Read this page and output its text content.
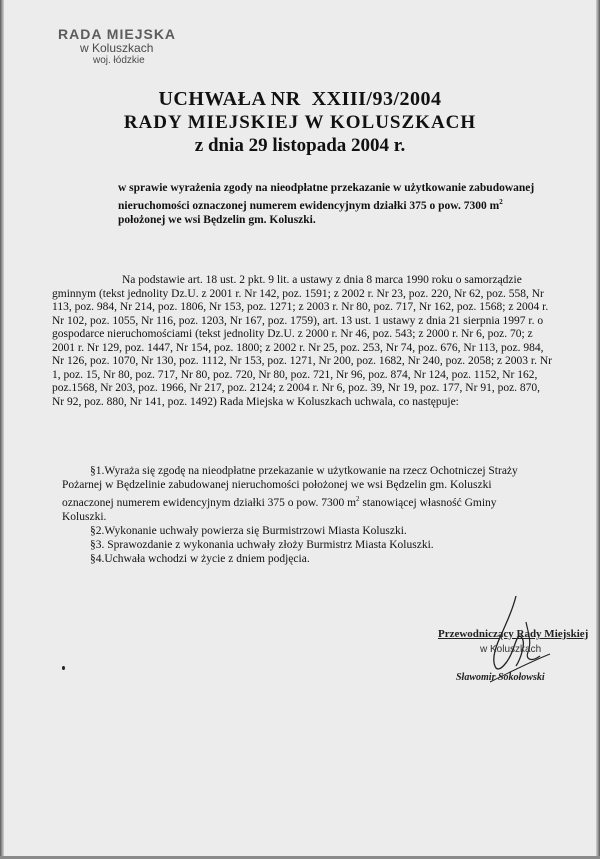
RADA MIEJSKA
w Koluszkach
woj. łódzkie
UCHWAŁA NR  XXIII/93/2004
RADY MIEJSKIEJ W KOLUSZKACH
z dnia 29 listopada 2004 r.
w sprawie wyrażenia zgody na nieodpłatne przekazanie w użytkowanie zabudowanej nieruchomości oznaczonej numerem ewidencyjnym działki 375 o pow. 7300 $m^2$ położonej we wsi Będzelin gm. Koluszki.

Na podstawie art. 18 ust. 2 pkt. 9 lit. a ustawy z dnia 8 marca 1990 roku o samorządzie gminnym (tekst jednolity Dz.U. z 2001 r. Nr 142, poz. 1591; z 2002 r. Nr 23, poz. 220, Nr 62, poz. 558, Nr 113, poz. 984, Nr 214, poz. 1806, Nr 153, poz. 1271; z 2003 r. Nr 80, poz. 717, Nr 162, poz. 1568; z 2004 r. Nr 102, poz. 1055, Nr 116, poz. 1203, Nr 167, poz. 1759), art. 13 ust. 1 ustawy z dnia 21 sierpnia 1997 r. o gospodarce nieruchomościami (tekst jednolity Dz.U. z 2000 r. Nr 46, poz. 543; z 2000 r. Nr 6, poz. 70; z 2001 r. Nr 129, poz. 1447, Nr 154, poz. 1800; z 2002 r. Nr 25, poz. 253, Nr 74, poz. 676, Nr 113, poz. 984, Nr 126, poz. 1070, Nr 130, poz. 1112, Nr 153, poz. 1271, Nr 200, poz. 1682, Nr 240, poz. 2058; z 2003 r. Nr 1, poz. 15, Nr 80, poz. 717, Nr 80, poz. 720, Nr 80, poz. 721, Nr 96, poz. 874, Nr 124, poz. 1152, Nr 162, poz.1568, Nr 203, poz. 1966, Nr 217, poz. 2124; z 2004 r. Nr 6, poz. 39, Nr 19, poz. 177, Nr 91, poz. 870, Nr 92, poz. 880, Nr 141, poz. 1492) Rada Miejska w Koluszkach uchwala, co następuje:

§1.Wyraża się zgodę na nieodpłatne przekazanie w użytkowanie na rzecz Ochotniczej Straży Pożarnej w Będzelinie zabudowanej nieruchomości położonej we wsi Będzelin gm. Koluszki oznaczonej numerem ewidencyjnym działki 375 o pow. 7300 $m^2$ stanowiącej własność Gminy Koluszki.

§2.Wykonanie uchwały powierza się Burmistrzowi Miasta Koluszki.

§3. Sprawozdanie z wykonania uchwały złoży Burmistrz Miasta Koluszki.

§4.Uchwała wchodzi w życie z dniem podjęcia.

Przewodniczący Rady Miejskiej
w Koluszkach
Sławomir Sokołowski
